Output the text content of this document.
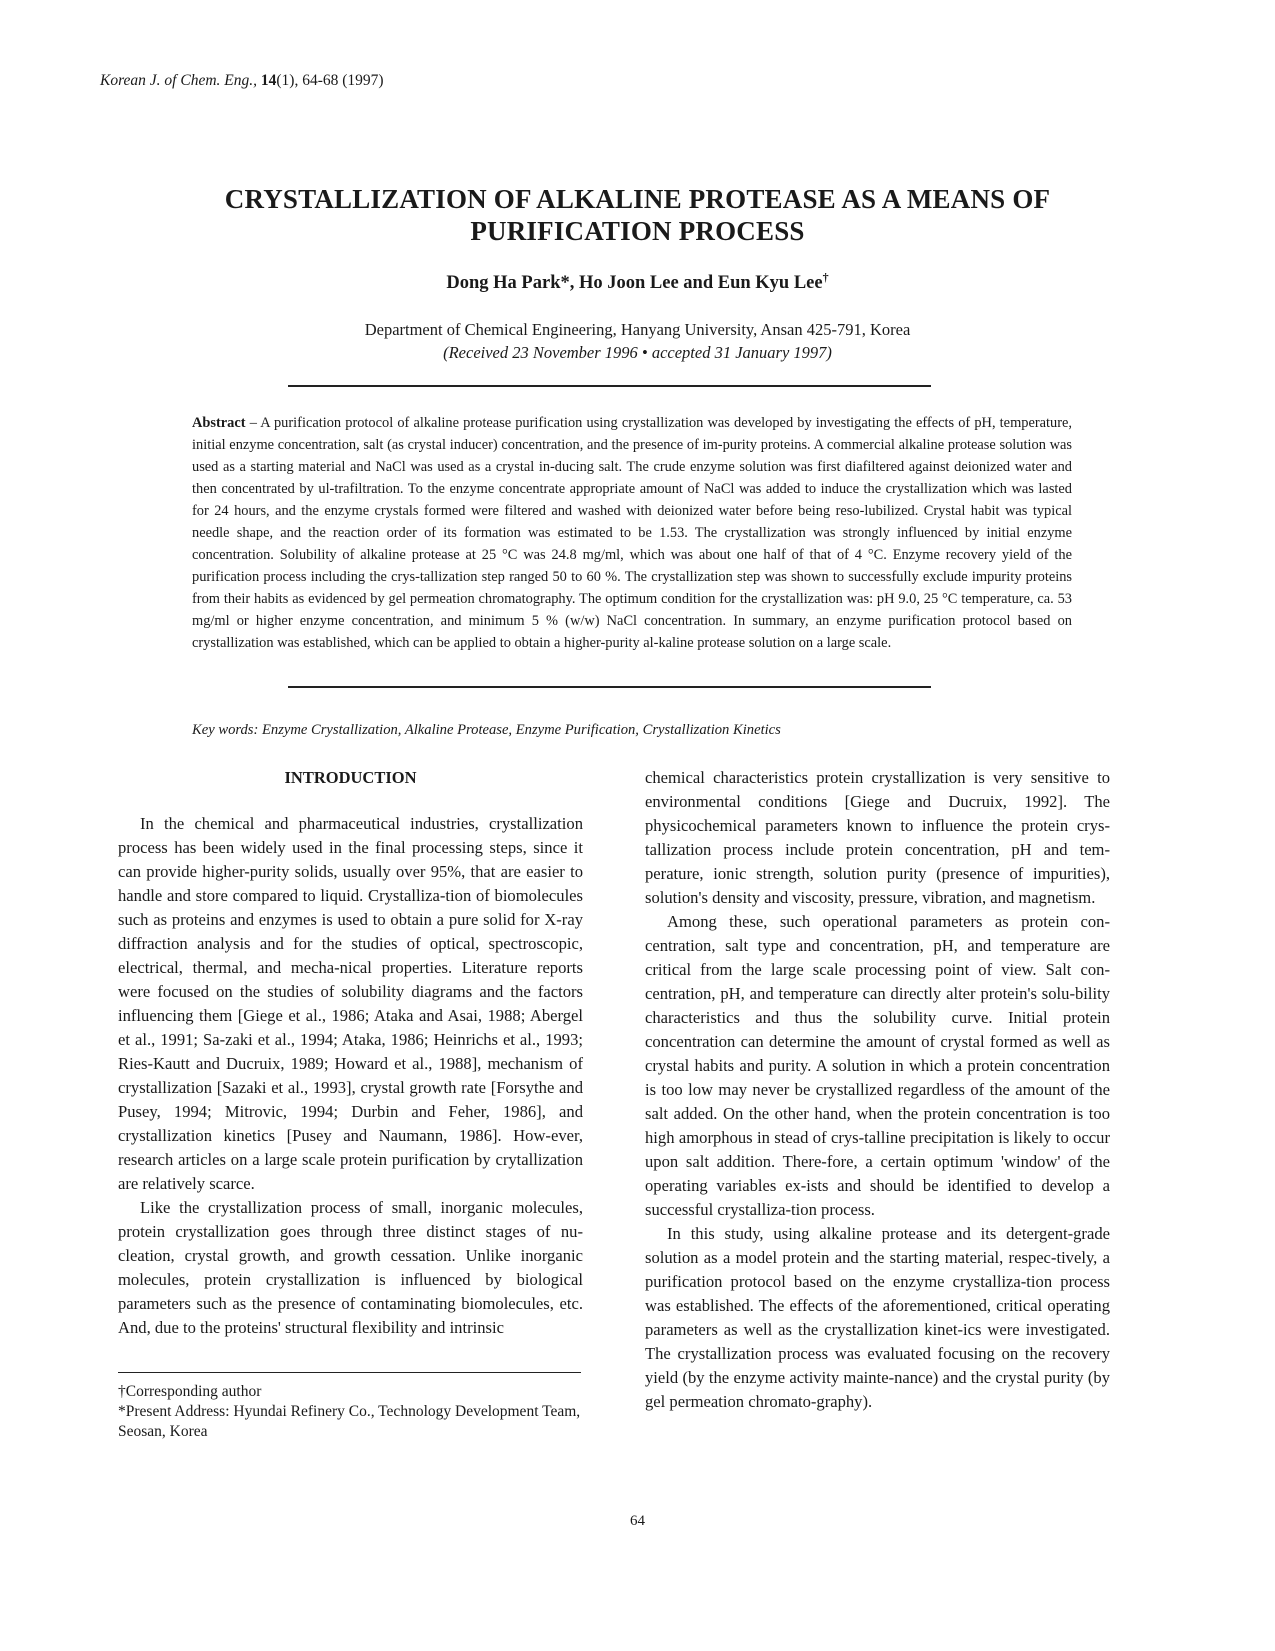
Korean J. of Chem. Eng., 14(1), 64-68 (1997)
CRYSTALLIZATION OF ALKALINE PROTEASE AS A MEANS OF
PURIFICATION PROCESS
Dong Ha Park*, Ho Joon Lee and Eun Kyu Lee†
Department of Chemical Engineering, Hanyang University, Ansan 425-791, Korea
(Received 23 November 1996 • accepted 31 January 1997)
Abstract – A purification protocol of alkaline protease purification using crystallization was developed by investigating the effects of pH, temperature, initial enzyme concentration, salt (as crystal inducer) concentration, and the presence of im-purity proteins. A commercial alkaline protease solution was used as a starting material and NaCl was used as a crystal in-ducing salt. The crude enzyme solution was first diafiltered against deionized water and then concentrated by ul-trafiltration. To the enzyme concentrate appropriate amount of NaCl was added to induce the crystallization which was lasted for 24 hours, and the enzyme crystals formed were filtered and washed with deionized water before being reso-lubilized. Crystal habit was typical needle shape, and the reaction order of its formation was estimated to be 1.53. The crystallization was strongly influenced by initial enzyme concentration. Solubility of alkaline protease at 25 °C was 24.8 mg/ml, which was about one half of that of 4 °C. Enzyme recovery yield of the purification process including the crys-tallization step ranged 50 to 60 %. The crystallization step was shown to successfully exclude impurity proteins from their habits as evidenced by gel permeation chromatography. The optimum condition for the crystallization was: pH 9.0, 25 °C temperature, ca. 53 mg/ml or higher enzyme concentration, and minimum 5 % (w/w) NaCl concentration. In summary, an enzyme purification protocol based on crystallization was established, which can be applied to obtain a higher-purity al-kaline protease solution on a large scale.
Key words: Enzyme Crystallization, Alkaline Protease, Enzyme Purification, Crystallization Kinetics

INTRODUCTION

In the chemical and pharmaceutical industries, crystallization process has been widely used in the final processing steps, since it can provide higher-purity solids, usually over 95%, that are easier to handle and store compared to liquid. Crystalliza-tion of biomolecules such as proteins and enzymes is used to obtain a pure solid for X-ray diffraction analysis and for the studies of optical, spectroscopic, electrical, thermal, and mecha-nical properties. Literature reports were focused on the studies of solubility diagrams and the factors influencing them [Giege et al., 1986; Ataka and Asai, 1988; Abergel et al., 1991; Sa-zaki et al., 1994; Ataka, 1986; Heinrichs et al., 1993; Ries-Kautt and Ducruix, 1989; Howard et al., 1988], mechanism of crystallization [Sazaki et al., 1993], crystal growth rate [Forsythe and Pusey, 1994; Mitrovic, 1994; Durbin and Feher, 1986], and crystallization kinetics [Pusey and Naumann, 1986]. How-ever, research articles on a large scale protein purification by crytallization are relatively scarce.

Like the crystallization process of small, inorganic molecules, protein crystallization goes through three distinct stages of nu-cleation, crystal growth, and growth cessation. Unlike inorganic molecules, protein crystallization is influenced by biological parameters such as the presence of contaminating biomolecules, etc. And, due to the proteins' structural flexibility and intrinsic

chemical characteristics protein crystallization is very sensitive to environmental conditions [Giege and Ducruix, 1992]. The physicochemical parameters known to influence the protein crys-tallization process include protein concentration, pH and tem-perature, ionic strength, solution purity (presence of impurities), solution's density and viscosity, pressure, vibration, and magnetism.

Among these, such operational parameters as protein con-centration, salt type and concentration, pH, and temperature are critical from the large scale processing point of view. Salt con-centration, pH, and temperature can directly alter protein's solu-bility characteristics and thus the solubility curve. Initial protein concentration can determine the amount of crystal formed as well as crystal habits and purity. A solution in which a protein concentration is too low may never be crystallized regardless of the amount of the salt added. On the other hand, when the protein concentration is too high amorphous in stead of crys-talline precipitation is likely to occur upon salt addition. There-fore, a certain optimum 'window' of the operating variables ex-ists and should be identified to develop a successful crystalliza-tion process.

In this study, using alkaline protease and its detergent-grade solution as a model protein and the starting material, respec-tively, a purification protocol based on the enzyme crystalliza-tion process was established. The effects of the aforementioned, critical operating parameters as well as the crystallization kinet-ics were investigated. The crystallization process was evaluated focusing on the recovery yield (by the enzyme activity mainte-nance) and the crystal purity (by gel permeation chromato-graphy).

†Corresponding author
*Present Address: Hyundai Refinery Co., Technology Development Team, Seosan, Korea
64
